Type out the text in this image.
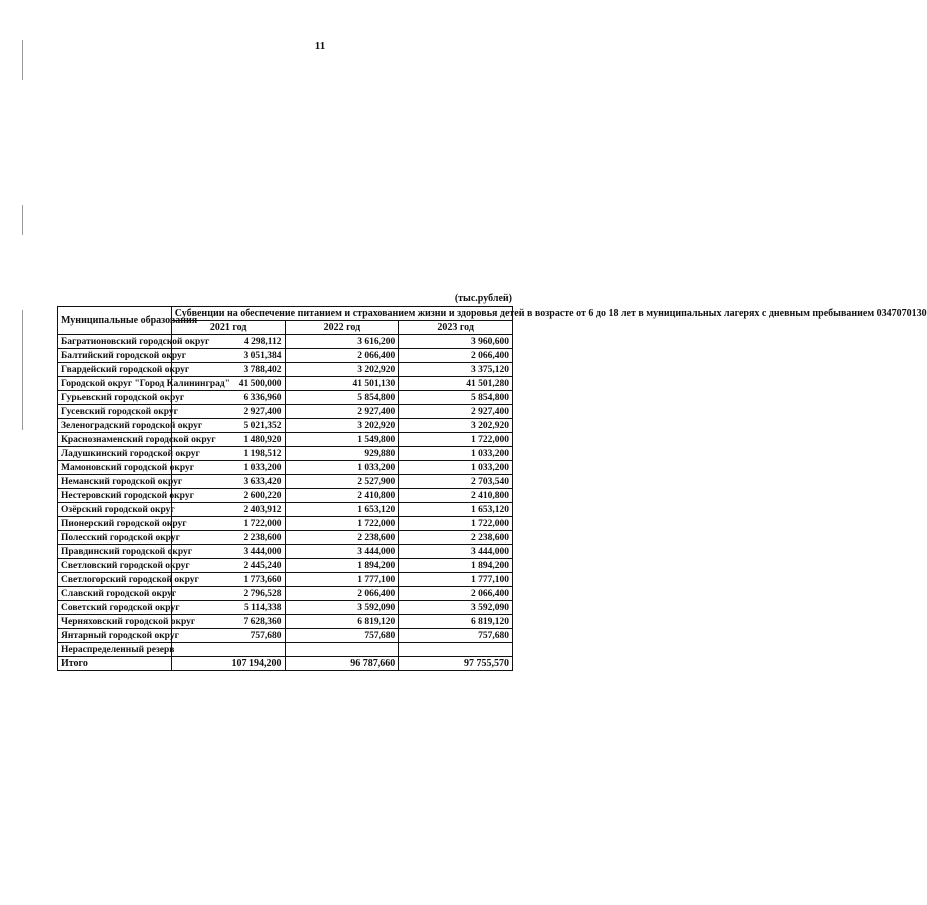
11
(тыс.рублей)
Муниципальные образования	Субвенции на обеспечение питанием и страхованием жизни и здоровья детей в возрасте от 6 до 18 лет в муниципальных лагерях с дневным пребыванием 0347070130		
	2021 год	2022 год	2023 год
Багратионовский городской округ	4 298,112	3 616,200	3 960,600
Балтийский городской округ	3 051,384	2 066,400	2 066,400
Гвардейский городской округ	3 788,402	3 202,920	3 375,120
Городской округ "Город Калининград"	41 500,000	41 501,130	41 501,280
Гурьевский городской округ	6 336,960	5 854,800	5 854,800
Гусевский городской округ	2 927,400	2 927,400	2 927,400
Зеленоградский городской округ	5 021,352	3 202,920	3 202,920
Краснознаменский городской округ	1 480,920	1 549,800	1 722,000
Ладушкинский городской округ	1 198,512	929,880	1 033,200
Мамоновский городской округ	1 033,200	1 033,200	1 033,200
Неманский городской округ	3 633,420	2 527,900	2 703,540
Нестеровский городской округ	2 600,220	2 410,800	2 410,800
Озёрский городской округ	2 403,912	1 653,120	1 653,120
Пионерский городской округ	1 722,000	1 722,000	1 722,000
Полесский городской округ	2 238,600	2 238,600	2 238,600
Правдинский городской округ	3 444,000	3 444,000	3 444,000
Светловский городской округ	2 445,240	1 894,200	1 894,200
Светлогорский городской округ	1 773,660	1 777,100	1 777,100
Славский городской округ	2 796,528	2 066,400	2 066,400
Советский городской округ	5 114,338	3 592,090	3 592,090
Черняховский городской округ	7 628,360	6 819,120	6 819,120
Янтарный городской округ	757,680	757,680	757,680
Нераспределенный резерв			
Итого	107 194,200	96 787,660	97 755,570
